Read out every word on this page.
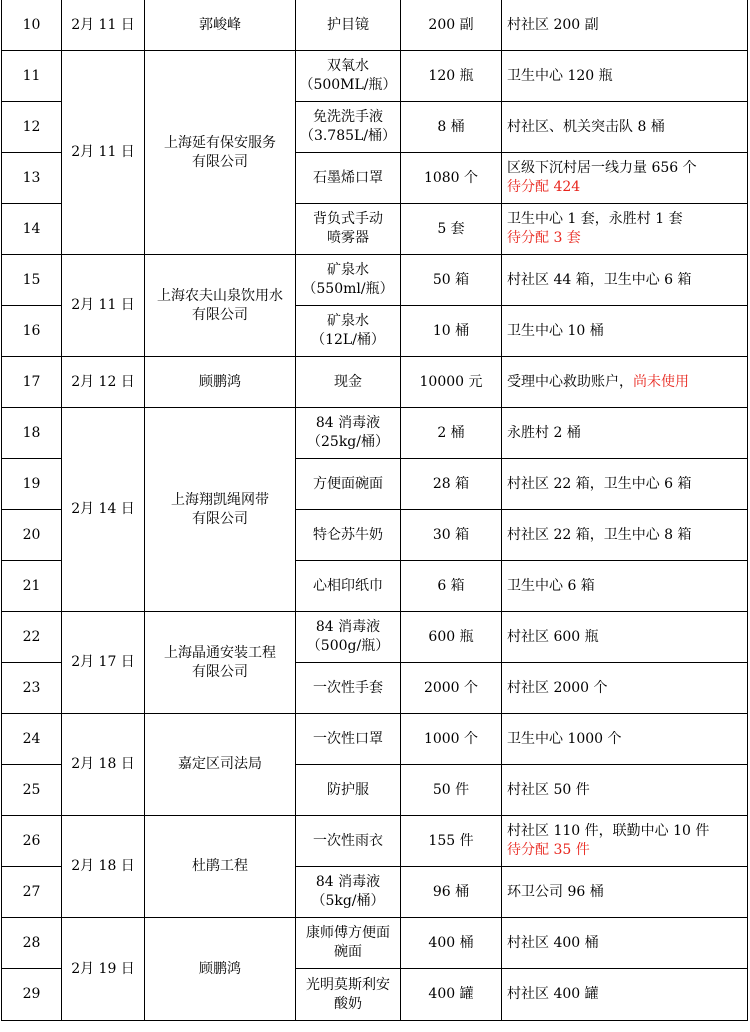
10	2月 11 日	郭峻峰	护目镜	200 副	村社区 200 副

11	2月 11 日	上海延有保安服务
有限公司	双氧水
（500ML/瓶）	120 瓶	卫生中心 120 瓶

12			免洗洗手液
（3.785L/桶）	8 桶	村社区、机关突击队 8 桶

13			石墨烯口罩	1080 个	区级下沉村居一线力量 656 个
待分配 424

14			背负式手动
喷雾器	5 套	卫生中心 1 套，永胜村 1 套
待分配 3 套

15	2月 11 日	上海农夫山泉饮用水
有限公司	矿泉水
（550ml/瓶）	50 箱	村社区 44 箱，卫生中心 6 箱

16			矿泉水
（12L/桶）	10 桶	卫生中心 10 桶

17	2月 12 日	顾鹏鸿	现金	10000 元	受理中心救助账户，尚未使用

18	2月 14 日	上海翔凯绳网带
有限公司	84 消毒液
（25kg/桶）	2 桶	永胜村 2 桶

19			方便面碗面	28 箱	村社区 22 箱，卫生中心 6 箱

20			特仑苏牛奶	30 箱	村社区 22 箱，卫生中心 8 箱

21			心相印纸巾	6 箱	卫生中心 6 箱

22	2月 17 日	上海晶通安装工程
有限公司	84 消毒液
（500g/瓶）	600 瓶	村社区 600 瓶

23			一次性手套	2000 个	村社区 2000 个

24	2月 18 日	嘉定区司法局	一次性口罩	1000 个	卫生中心 1000 个

25			防护服	50 件	村社区 50 件

26	2月 18 日	杜鹃工程	一次性雨衣	155 件	村社区 110 件，联勤中心 10 件
待分配 35 件

27			84 消毒液
（5kg/桶）	96 桶	环卫公司 96 桶

28	2月 19 日	顾鹏鸿	康师傅方便面
碗面	400 桶	村社区 400 桶

29			光明莫斯利安
酸奶	400 罐	村社区 400 罐
